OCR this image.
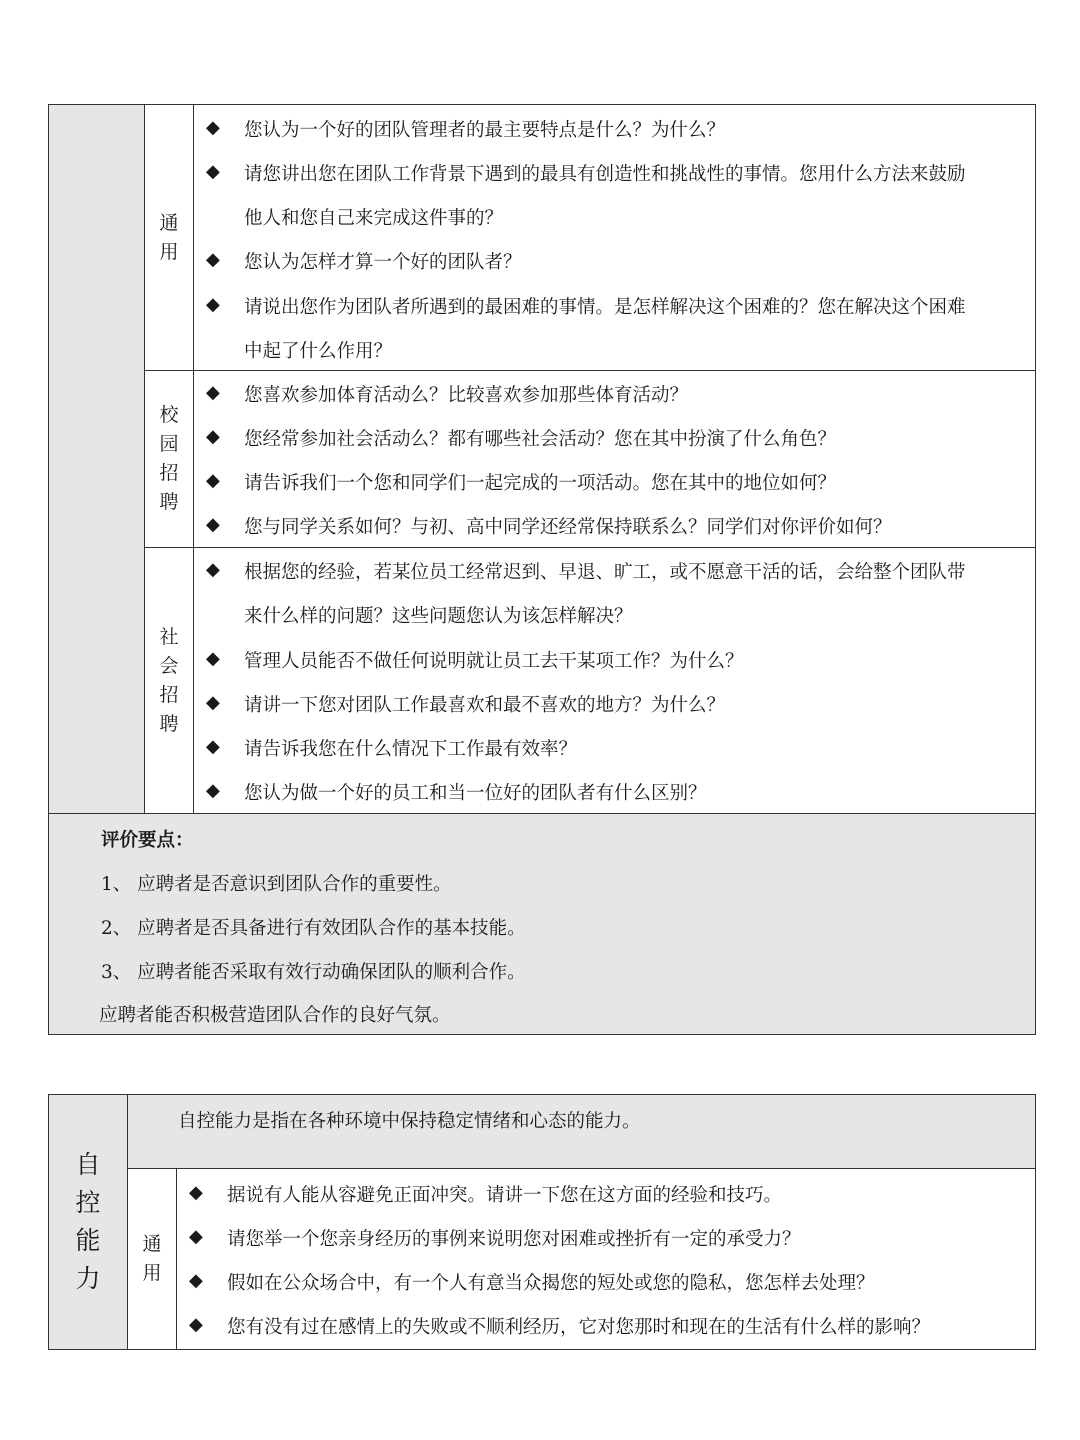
通
用
◆ 您认为一个好的团队管理者的最主要特点是什么？为什么？
◆ 请您讲出您在团队工作背景下遇到的最具有创造性和挑战性的事情。您用什么方法来鼓励
他人和您自己来完成这件事的？
◆ 您认为怎样才算一个好的团队者？
◆ 请说出您作为团队者所遇到的最困难的事情。是怎样解决这个困难的？您在解决这个困难
中起了什么作用？
校
园
招
聘
◆ 您喜欢参加体育活动么？比较喜欢参加那些体育活动？
◆ 您经常参加社会活动么？都有哪些社会活动？您在其中扮演了什么角色？
◆ 请告诉我们一个您和同学们一起完成的一项活动。您在其中的地位如何？
◆ 您与同学关系如何？与初、高中同学还经常保持联系么？同学们对你评价如何？
社
会
招
聘
◆ 根据您的经验，若某位员工经常迟到、早退、旷工，或不愿意干活的话，会给整个团队带
来什么样的问题？这些问题您认为该怎样解决？
◆ 管理人员能否不做任何说明就让员工去干某项工作？为什么？
◆ 请讲一下您对团队工作最喜欢和最不喜欢的地方？为什么？
◆ 请告诉我您在什么情况下工作最有效率？
◆ 您认为做一个好的员工和当一位好的团队者有什么区别？
评价要点：
1、 应聘者是否意识到团队合作的重要性。
2、 应聘者是否具备进行有效团队合作的基本技能。
3、 应聘者能否采取有效行动确保团队的顺利合作。
应聘者能否积极营造团队合作的良好气氛。
自
控
能
力
自控能力是指在各种环境中保持稳定情绪和心态的能力。
通
用
◆ 据说有人能从容避免正面冲突。请讲一下您在这方面的经验和技巧。
◆ 请您举一个您亲身经历的事例来说明您对困难或挫折有一定的承受力？
◆ 假如在公众场合中，有一个人有意当众揭您的短处或您的隐私，您怎样去处理？
◆ 您有没有过在感情上的失败或不顺利经历，它对您那时和现在的生活有什么样的影响？
